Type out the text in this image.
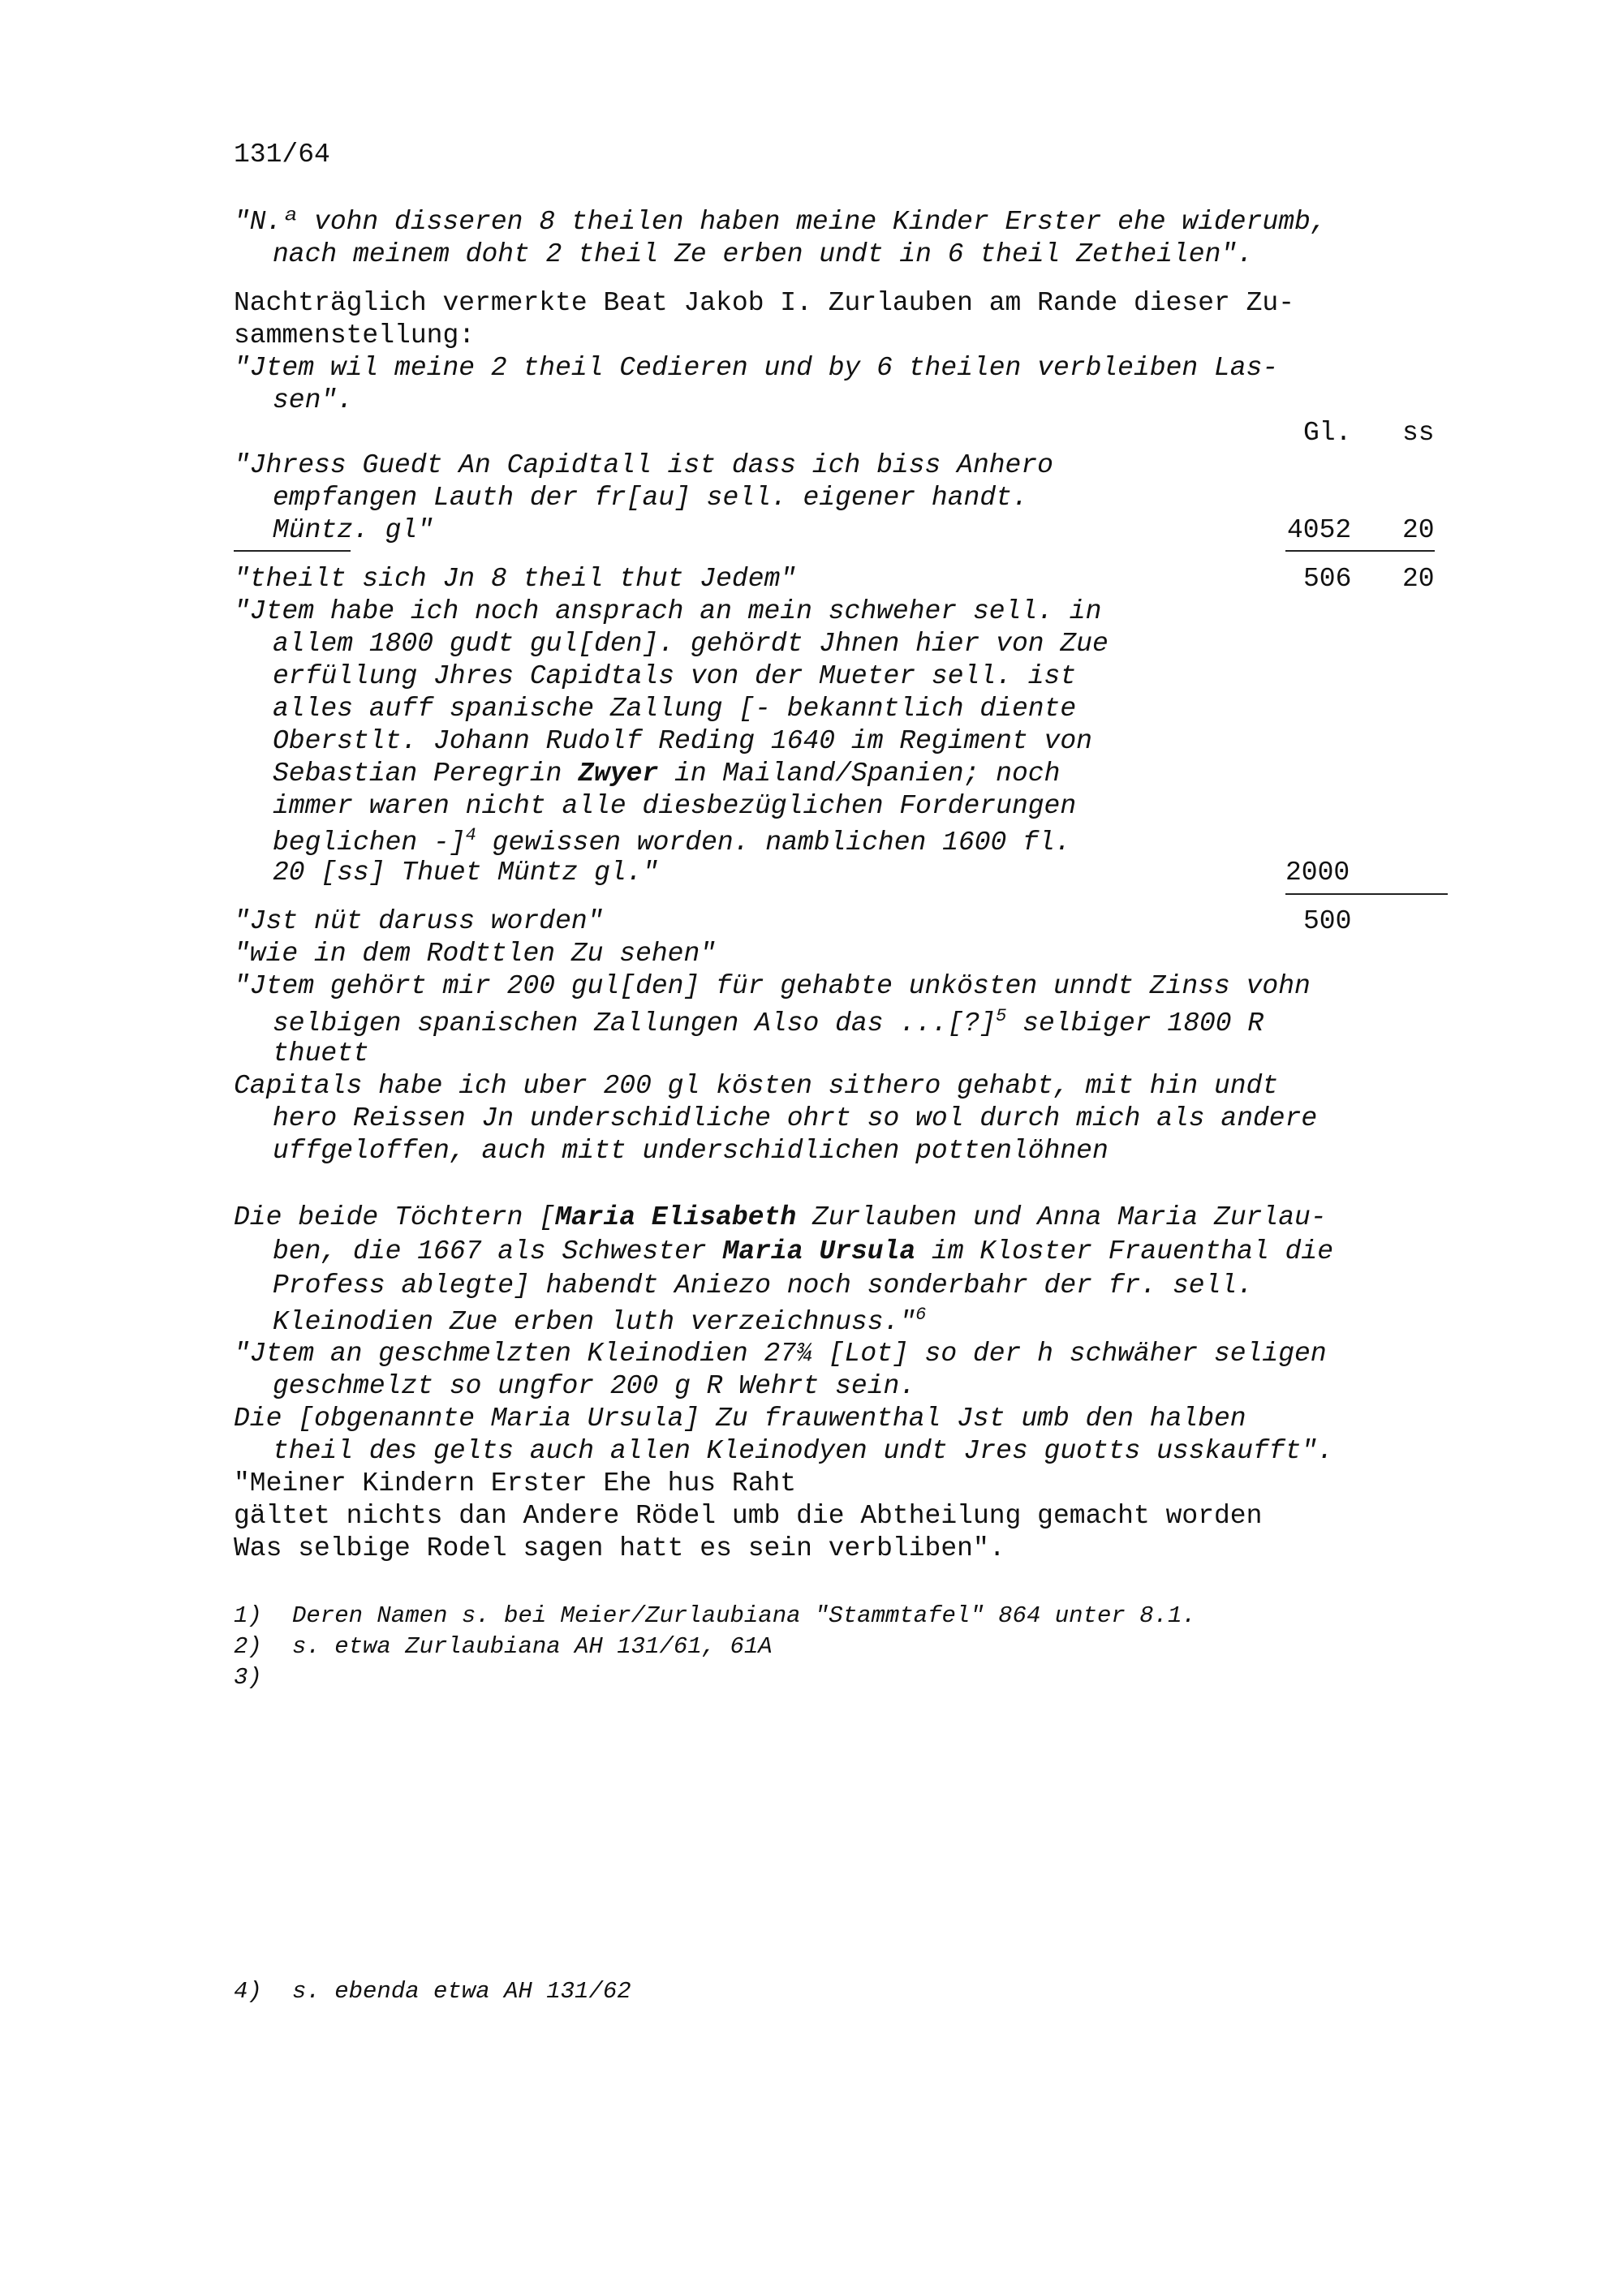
131/64
"N.ª vohn disseren 8 theilen haben meine Kinder Erster ehe widerumb,
nach meinem doht 2 theil Ze erben undt in 6 theil Zetheilen".
Nachträglich vermerkte Beat Jakob I. Zurlauben am Rande dieser Zu-
sammenstellung:
"Jtem wil meine 2 theil Cedieren und by 6 theilen verbleiben Las-
sen".
Gl. ss
"Jhress Guedt An Capidtall ist dass ich biss Anhero
empfangen Lauth der fr[au] sell. eigener handt.
Müntz. gl"	4052 20
"theilt sich Jn 8 theil thut Jedem"	506 20
"Jtem habe ich noch ansprach an mein schweher sell. in
allem 1800 gudt gul[den]. gehördt Jhnen hier von Zue
erfüllung Jhres Capidtals von der Mueter sell. ist
alles auff spanische Zallung [- bekanntlich diente
Oberstlt. Johann Rudolf Reding 1640 im Regiment von
Sebastian Peregrin Zwyer in Mailand/Spanien; noch
immer waren nicht alle diesbezüglichen Forderungen
beglichen -]$^4$ gewissen worden. namblichen 1600 fl.
20 [ss] Thuet Müntz gl."	2000
"Jst nüt daruss worden"	500
"wie in dem Rodttlen Zu sehen"
"Jtem gehört mir 200 gul[den] für gehabte unkösten unndt Zinss vohn
selbigen spanischen Zallungen Also das ...[?]$^5$ selbiger 1800 R
thuett
Capitals habe ich uber 200 gl kösten sithero gehabt, mit hin undt
hero Reissen Jn underschidliche ohrt so wol durch mich als andere
uffgeloffen, auch mitt underschidlichen pottenlöhnen
Die beide Töchtern [Maria Elisabeth Zurlauben und Anna Maria Zurlau-
ben, die 1667 als Schwester Maria Ursula im Kloster Frauenthal die
Profess ablegte] habendt Aniezo noch sonderbahr der fr. sell.
Kleinodien Zue erben luth verzeichnuss."$^6$
"Jtem an geschmelzten Kleinodien 27¾ [Lot] so der h schwäher seligen
geschmelzt so ungfor 200 g R Wehrt sein.
Die [obgenannte Maria Ursula] Zu frauwenthal Jst umb den halben
theil des gelts auch allen Kleinodyen undt Jres guotts usskaufft".
"Meiner Kindern Erster Ehe hus Raht
gältet nichts dan Andere Rödel umb die Abtheilung gemacht worden
Was selbige Rodel sagen hatt es sein verbliben".
1) Deren Namen s. bei Meier/Zurlaubiana "Stammtafel" 864 unter 8.1.
2) s. etwa Zurlaubiana AH 131/61, 61A
3)
4) s. ebenda etwa AH 131/62
